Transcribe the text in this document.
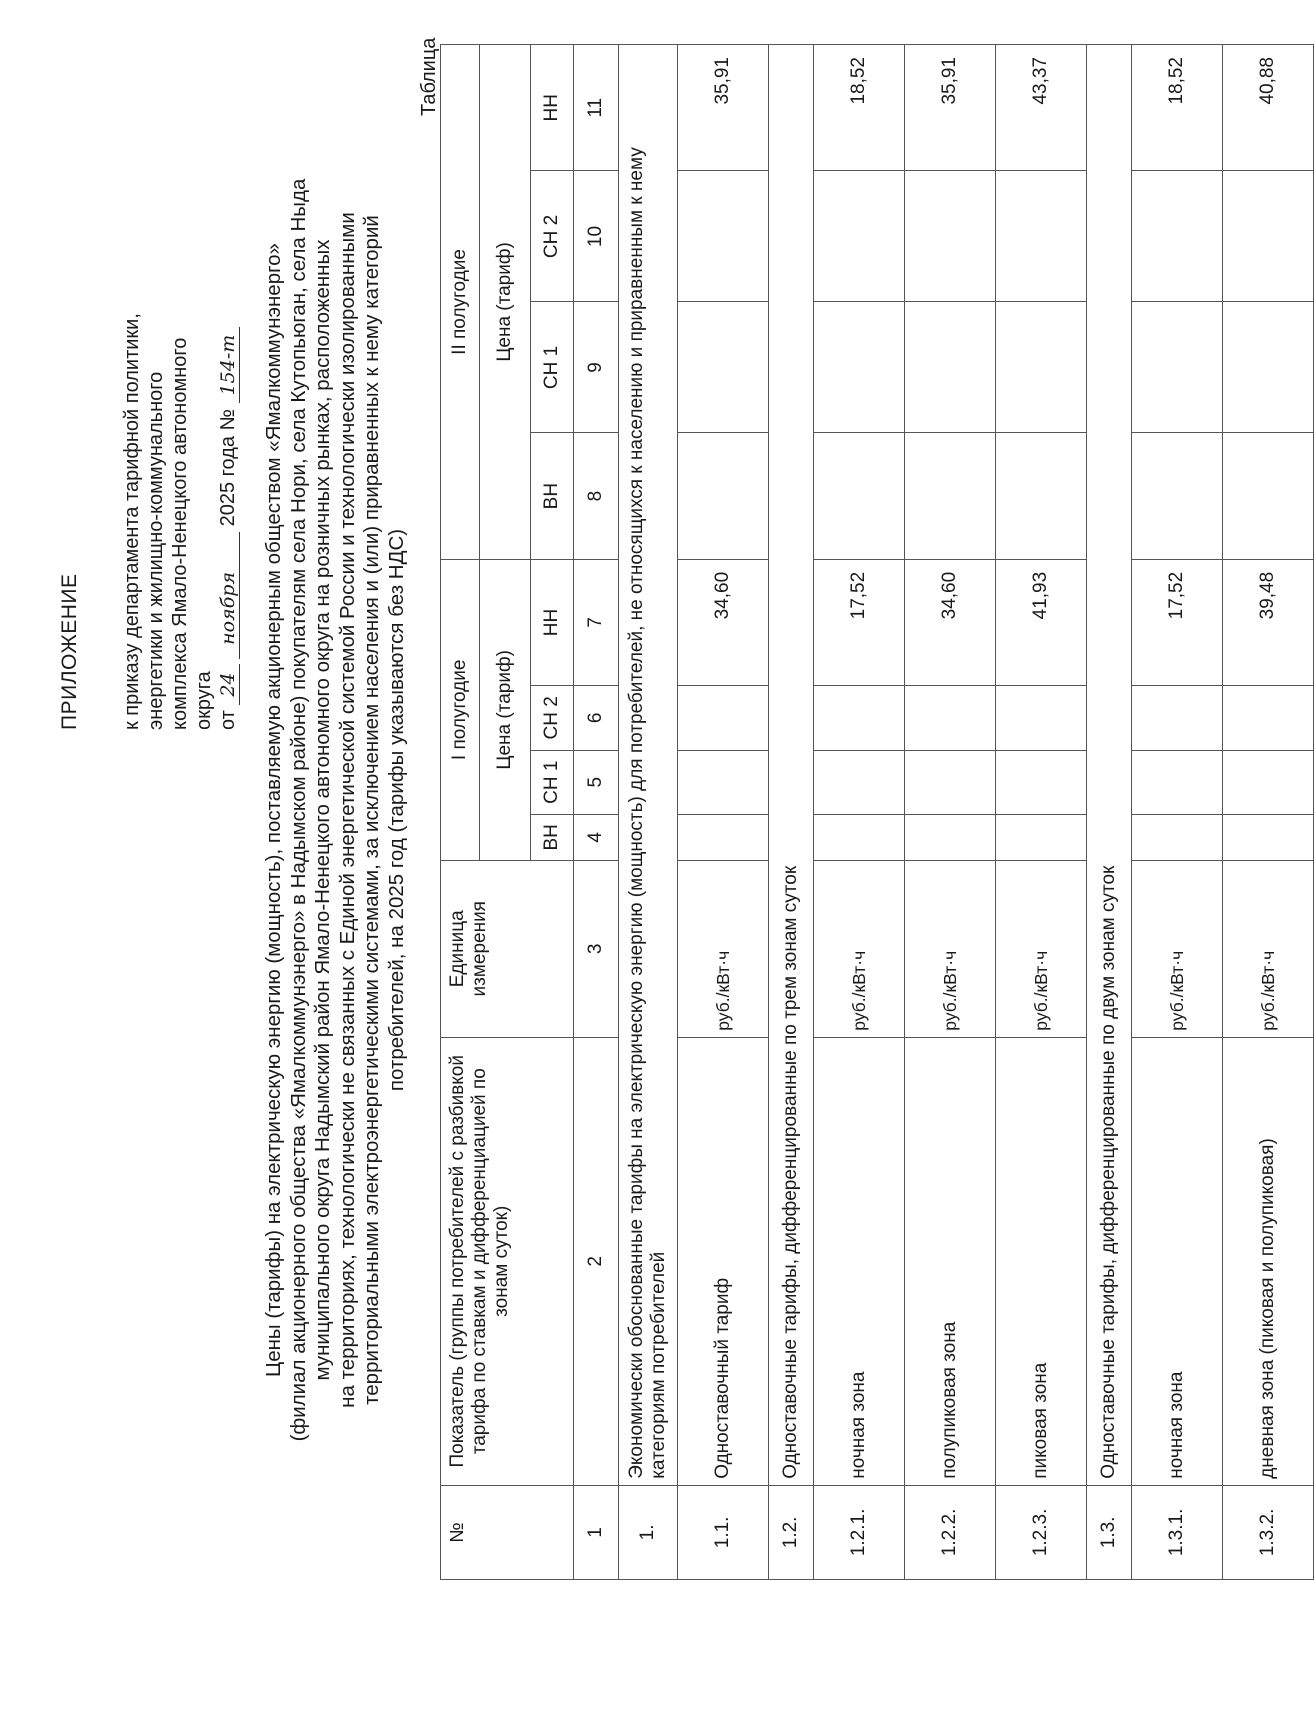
ПРИЛОЖЕНИЕ к приказу департамента тарифной политики, энергетики и жилищно-коммунального комплекса Ямало-Ненецкого автономного округа от 24 ноября 2025 года № 154-т Цены (тарифы) на электрическую энергию (мощность), поставляемую акционерным обществом «Ямалкоммунэнерго» (филиал акционерного общества «Ямалкоммунэнерго» в Надымском районе) покупателям села Нори, села Кутопьюган, села Ныда муниципального округа Надымский район Ямало-Ненецкого автономного округа на розничных рынках, расположенных на территориях, технологически не связанных с Единой энергетической системой России и технологически изолированными территориальными электроэнергетическими системами, за исключением населения и (или) приравненных к нему категорий потребителей, на 2025 год (тарифы указываются без НДС)
Таблица
№	Показатель (группы потребителей с разбивкой тарифа по ставкам и дифференциацией по зонам суток)	Единица измерения	I полугодие				II полугодие			
			Цена (тариф)				Цена (тариф)			
			ВН	СН 1	СН 2	НН	ВН	СН 1	СН 2	НН
1	2	3	4	5	6	7	8	9	10	11
1.	Экономически обоснованные тарифы на электрическую энергию (мощность) для потребителей, не относящихся к населению и приравненным к нему категориям потребителей									
1.1.	Одноставочный тариф	руб./кВт·ч				34,60				35,91
1.2.	Одноставочные тарифы, дифференцированные по трем зонам суток									
1.2.1.	ночная зона	руб./кВт·ч				17,52				18,52
1.2.2.	полупиковая зона	руб./кВт·ч				34,60				35,91
1.2.3.	пиковая зона	руб./кВт·ч				41,93				43,37
1.3.	Одноставочные тарифы, дифференцированные по двум зонам суток									
1.3.1.	ночная зона	руб./кВт·ч				17,52				18,52
1.3.2.	дневная зона (пиковая и полупиковая)	руб./кВт·ч				39,48				40,88
